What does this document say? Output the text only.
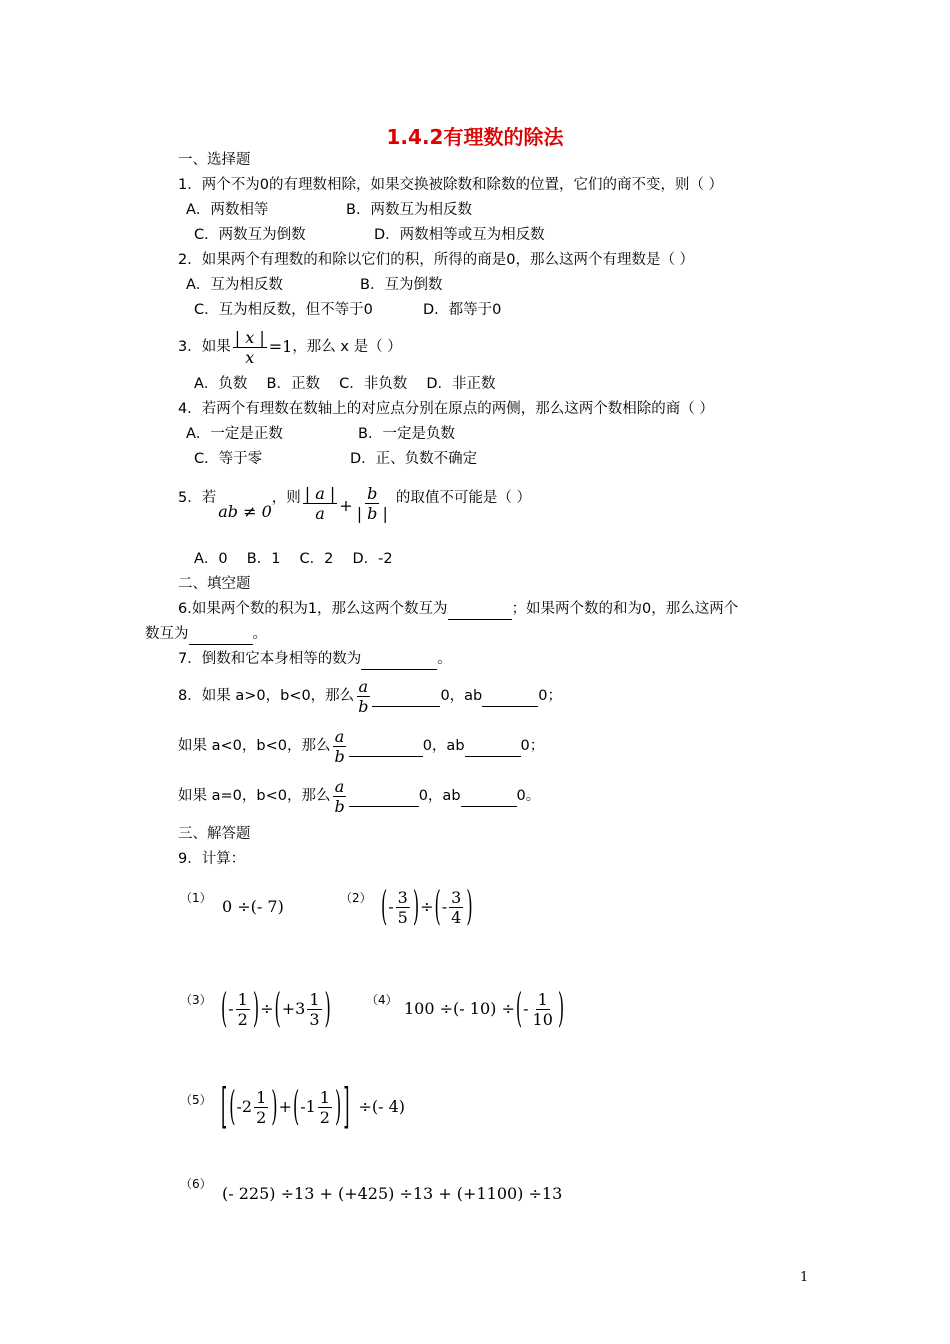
1.4.2有理数的除法
一、选择题
1．两个不为0的有理数相除，如果交换被除数和除数的位置，它们的商不变，则（ ）
A．两数相等	B．两数互为相反数
C．两数互为倒数	D．两数相等或互为相反数
2．如果两个有理数的和除以它们的积，所得的商是0，那么这两个有理数是（ ）
A．互为相反数	B．互为倒数
C．互为相反数，但不等于0	D．都等于0
3．如果 $\frac{| x |}{x} =1$ ，那么 x 是（ ）
A．负数　 B．正数　 C．非负数　 D．非正数
4．若两个有理数在数轴上的对应点分别在原点的两侧，那么这两个数相除的商（ ）
A．一定是正数	B．一定是负数
C．等于零	D．正、负数不确定
5．若
ab ≠ 0
，则 $\frac{| a |}{a} + \frac{b}{| b |}$ 的取值不可能是（ ）
A．0　 B．1　 C．2　 D．-2
二、填空题
6.如果两个数的积为1，那么这两个数互为	；如果两个数的和为0，那么这两个
数互为	。
7．倒数和它本身相等的数为	。
8．如果 a>0，b<0，那么 $\frac{a}{b}$
	0，ab
	0；
如果 a<0，b<0，那么 $\frac{a}{b}$
	0，ab
	0；
如果 a=0，b<0，那么 $\frac{a}{b}$
	0，ab
	0。
三、解答题
9．计算：
$^{(1)}$ 0 ÷(- 7)	$^{(2)}$ ( - $\frac{3}{5}$ ) ÷ ( - $\frac{3}{4}$ )
$^{(3)}$ ( - $\frac{1}{2}$ ) ÷ ( + $3 \frac{1}{3}$ )	$^{(4)}$ 100 ÷(- 10) ÷ ( - $\frac{1}{10}$ )
$^{(5)}$ [ ( - $2 \frac{1}{2}$ ) + ( - $1 \frac{1}{2}$ ) ] ÷(- 4)
$^{(6)}$ (- 225) ÷13 + (+425) ÷13 + (+1100) ÷13
1
